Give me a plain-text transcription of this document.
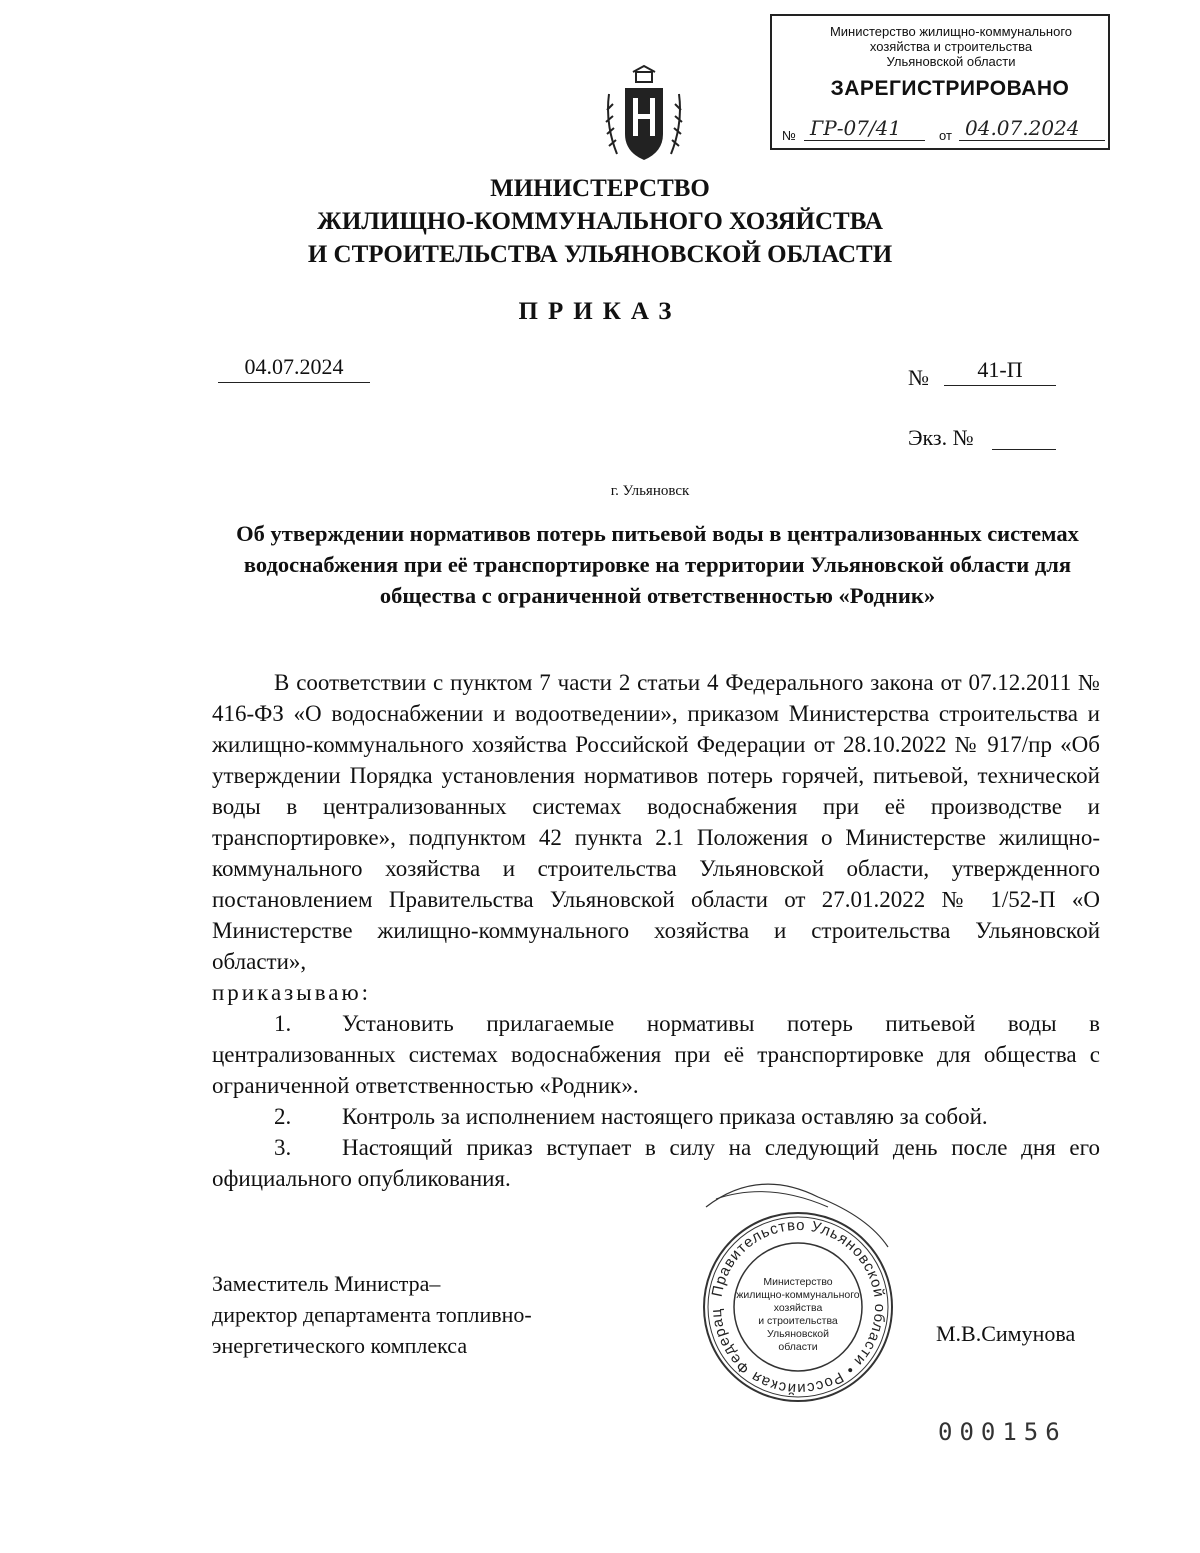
Министерство жилищно-коммунального
хозяйства и строительства
Ульяновской области
ЗАРЕГИСТРИРОВАНО
№ ГР-07/41	от 04.07.2024
МИНИСТЕРСТВО
ЖИЛИЩНО-КОММУНАЛЬНОГО ХОЗЯЙСТВА
И СТРОИТЕЛЬСТВА УЛЬЯНОВСКОЙ ОБЛАСТИ
ПРИКАЗ
04.07.2024	№	41-П
Экз. №
г. Ульяновск
Об утверждении нормативов потерь питьевой воды в централизованных системах водоснабжения при её транспортировке на территории Ульяновской области для общества с ограниченной ответственностью «Родник»

В соответствии с пунктом 7 части 2 статьи 4 Федерального закона от 07.12.2011 № 416-ФЗ «О водоснабжении и водоотведении», приказом Министерства строительства и жилищно-коммунального хозяйства Российской Федерации от 28.10.2022 № 917/пр «Об утверждении Порядка установления нормативов потерь горячей, питьевой, технической воды в централизованных системах водоснабжения при её производстве и транспортировке», подпунктом 42 пункта 2.1 Положения о Министерстве жилищно-коммунального хозяйства и строительства Ульяновской области, утвержденного постановлением Правительства Ульяновской области от 27.01.2022 № 1/52-П «О Министерстве жилищно-коммунального хозяйства и строительства Ульяновской области»,

приказываю:

1. Установить прилагаемые нормативы потерь питьевой воды в централизованных системах водоснабжения при её транспортировке для общества с ограниченной ответственностью «Родник».

2. Контроль за исполнением настоящего приказа оставляю за собой.

3. Настоящий приказ вступает в силу на следующий день после дня его официального опубликования.

Заместитель Министра–
директор департамента топливно-
энергетического комплекса
Правительство Ульяновской области • Российская Федерац
Министерство
жилищно-коммунального
хозяйства
и строительства
Ульяновской
области
М.В.Симунова
000156
